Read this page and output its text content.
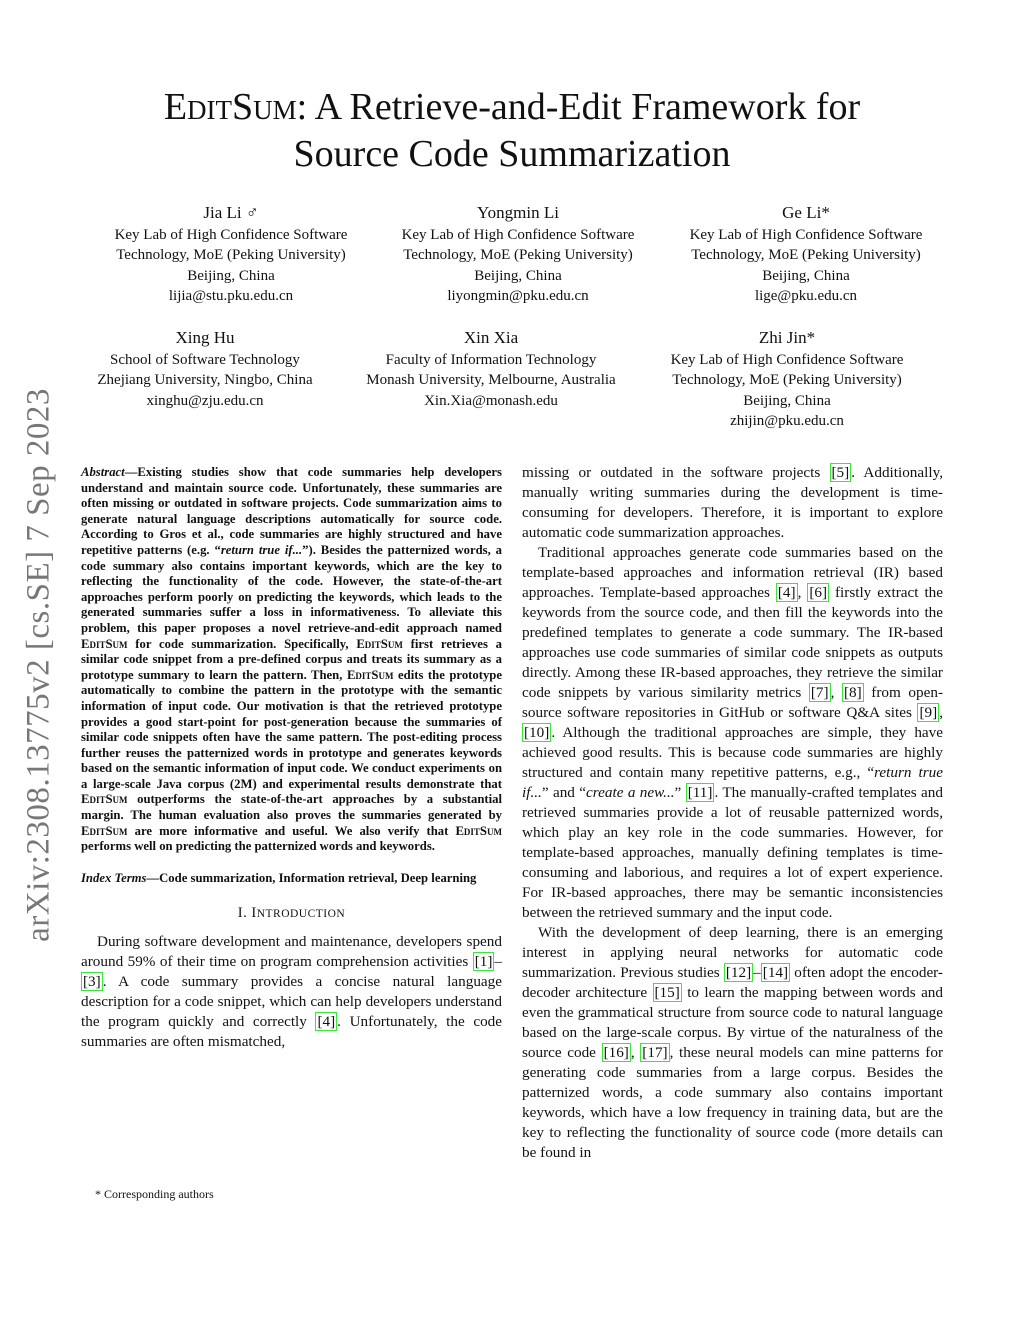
arXiv:2308.13775v2 [cs.SE] 7 Sep 2023
EditSum: A Retrieve-and-Edit Framework for
Source Code Summarization
Jia Li ♂
Key Lab of High Confidence Software
Technology, MoE (Peking University)
Beijing, China
lijia@stu.pku.edu.cn
Yongmin Li
Key Lab of High Confidence Software
Technology, MoE (Peking University)
Beijing, China
liyongmin@pku.edu.cn
Ge Li*
Key Lab of High Confidence Software
Technology, MoE (Peking University)
Beijing, China
lige@pku.edu.cn
Xing Hu
School of Software Technology
Zhejiang University, Ningbo, China
xinghu@zju.edu.cn
Xin Xia
Faculty of Information Technology
Monash University, Melbourne, Australia
Xin.Xia@monash.edu
Zhi Jin*
Key Lab of High Confidence Software
Technology, MoE (Peking University)
Beijing, China
zhijin@pku.edu.cn

Abstract—Existing studies show that code summaries help developers understand and maintain source code. Unfortunately, these summaries are often missing or outdated in software projects. Code summarization aims to generate natural language descriptions automatically for source code. According to Gros et al., code summaries are highly structured and have repetitive patterns (e.g. “return true if...”). Besides the patternized words, a code summary also contains important keywords, which are the key to reflecting the functionality of the code. However, the state-of-the-art approaches perform poorly on predicting the keywords, which leads to the generated summaries suffer a loss in informativeness. To alleviate this problem, this paper proposes a novel retrieve-and-edit approach named EditSum for code summarization. Specifically, EditSum first retrieves a similar code snippet from a pre-defined corpus and treats its summary as a prototype summary to learn the pattern. Then, EditSum edits the prototype automatically to combine the pattern in the prototype with the semantic information of input code. Our motivation is that the retrieved prototype provides a good start-point for post-generation because the summaries of similar code snippets often have the same pattern. The post-editing process further reuses the patternized words in prototype and generates keywords based on the semantic information of input code. We conduct experiments on a large-scale Java corpus (2M) and experimental results demonstrate that EditSum outperforms the state-of-the-art approaches by a substantial margin. The human evaluation also proves the summaries generated by EditSum are more informative and useful. We also verify that EditSum performs well on predicting the patternized words and keywords.

Index Terms—Code summarization, Information retrieval, Deep learning

I. INTRODUCTION

During software development and maintenance, developers spend around 59% of their time on program comprehension activities [1] –[3] . A code summary provides a concise natural language description for a code snippet, which can help developers understand the program quickly and correctly [4] . Unfortunately, the code summaries are often mismatched,

* Corresponding authors

missing or outdated in the software projects [5] . Additionally, manually writing summaries during the development is time-consuming for developers. Therefore, it is important to explore automatic code summarization approaches.

Traditional approaches generate code summaries based on the template-based approaches and information retrieval (IR) based approaches. Template-based approaches [4] , [6] firstly extract the keywords from the source code, and then fill the keywords into the predefined templates to generate a code summary. The IR-based approaches use code summaries of similar code snippets as outputs directly. Among these IR-based approaches, they retrieve the similar code snippets by various similarity metrics [7] , [8] from open-source software repositories in GitHub or software Q&A sites [9] , [10] . Although the traditional approaches are simple, they have achieved good results. This is because code summaries are highly structured and contain many repetitive patterns, e.g., “return true if...” and “create a new...” [11] . The manually-crafted templates and retrieved summaries provide a lot of reusable patternized words, which play an key role in the code summaries. However, for template-based approaches, manually defining templates is time-consuming and laborious, and requires a lot of expert experience. For IR-based approaches, there may be semantic inconsistencies between the retrieved summary and the input code.

With the development of deep learning, there is an emerging interest in applying neural networks for automatic code summarization. Previous studies [12] – [14] often adopt the encoder-decoder architecture [15] to learn the mapping between words and even the grammatical structure from source code to natural language based on the large-scale corpus. By virtue of the naturalness of the source code [16] , [17] , these neural models can mine patterns for generating code summaries from a large corpus. Besides the patternized words, a code summary also contains important keywords, which have a low frequency in training data, but are the key to reflecting the functionality of source code (more details can be found in
